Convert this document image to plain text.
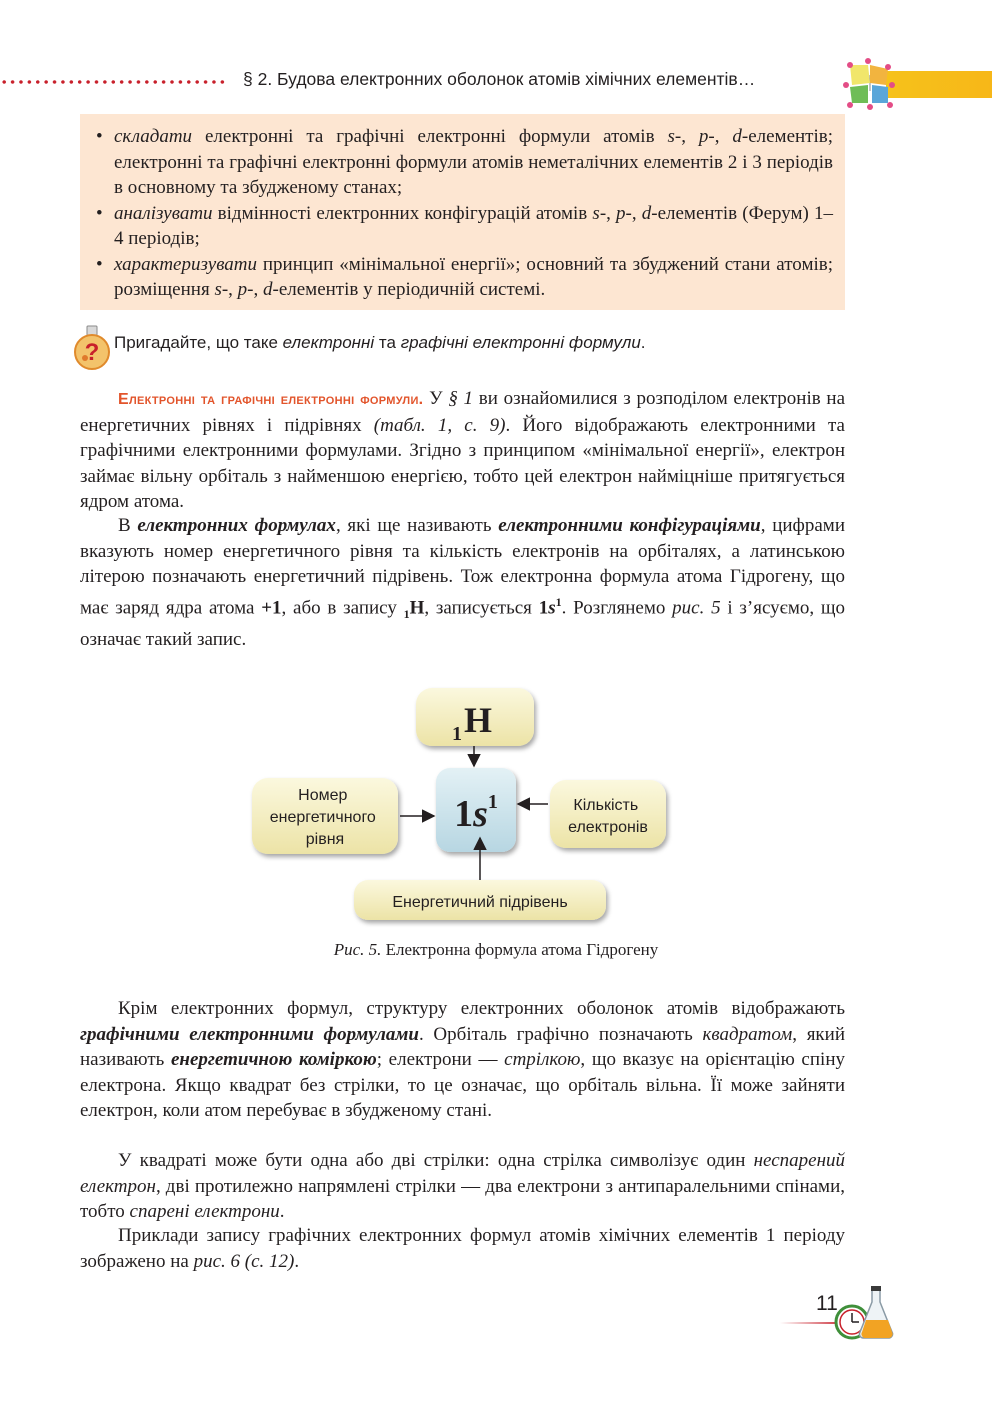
§ 2. Будова електронних оболонок атомів хімічних елементів…
• складати електронні та графічні електронні формули атомів s-, p-, d-елементів; електронні та графічні електронні формули атомів неметалічних елементів 2 і 3 періодів в основному та збудженому станах;
• аналізувати відмінності електронних конфігурацій атомів s-, p-, d-елементів (Ферум) 1–4 періодів;
• характеризувати принцип «мінімальної енергії»; основний та збуджений стани атомів; розміщення s-, p-, d-елементів у періодичній системі.
? Пригадайте, що таке електронні та графічні електронні формули.
Електронні та графічні електронні формули. У § 1 ви ознайомилися з розподілом електронів на енергетичних рівнях і підрівнях (табл. 1, с. 9). Його відображають електронними та графічними електронними формулами. Згідно з принципом «мінімальної енергії», електрон займає вільну орбіталь з найменшою енергією, тобто цей електрон найміцніше притягується ядром атома.
В електронних формулах, які ще називають електронними конфігураціями, цифрами вказують номер енергетичного рівня та кількість електронів на орбіталях, а латинською літерою позначають енергетичний підрівень. Тож електронна формула атома Гідрогену, що має заряд ядра атома +1, або в запису $_1$H, записується $1s^1$. Розглянемо рис. 5 і з’ясуємо, що означає такий запис.
1 H
1s1
Номер енергетичного рівня
Кількість електронів
Енергетичний підрівень
Рис. 5. Електронна формула атома Гідрогену
Крім електронних формул, структуру електронних оболонок атомів відображають графічними електронними формулами. Орбіталь графічно позначають квадратом, який називають енергетичною коміркою; електрони — стрілкою, що вказує на орієнтацію спіну електрона. Якщо квадрат без стрілки, то це означає, що орбіталь вільна. Її може зайняти електрон, коли атом перебуває в збудженому стані.
У квадраті може бути одна або дві стрілки: одна стрілка символізує один неспарений електрон, дві протилежно напрямлені стрілки — два електрони з антипаралельними спінами, тобто спарені електрони.
Приклади запису графічних електронних формул атомів хімічних елементів 1 періоду зображено на рис. 6 (с. 12).
11
